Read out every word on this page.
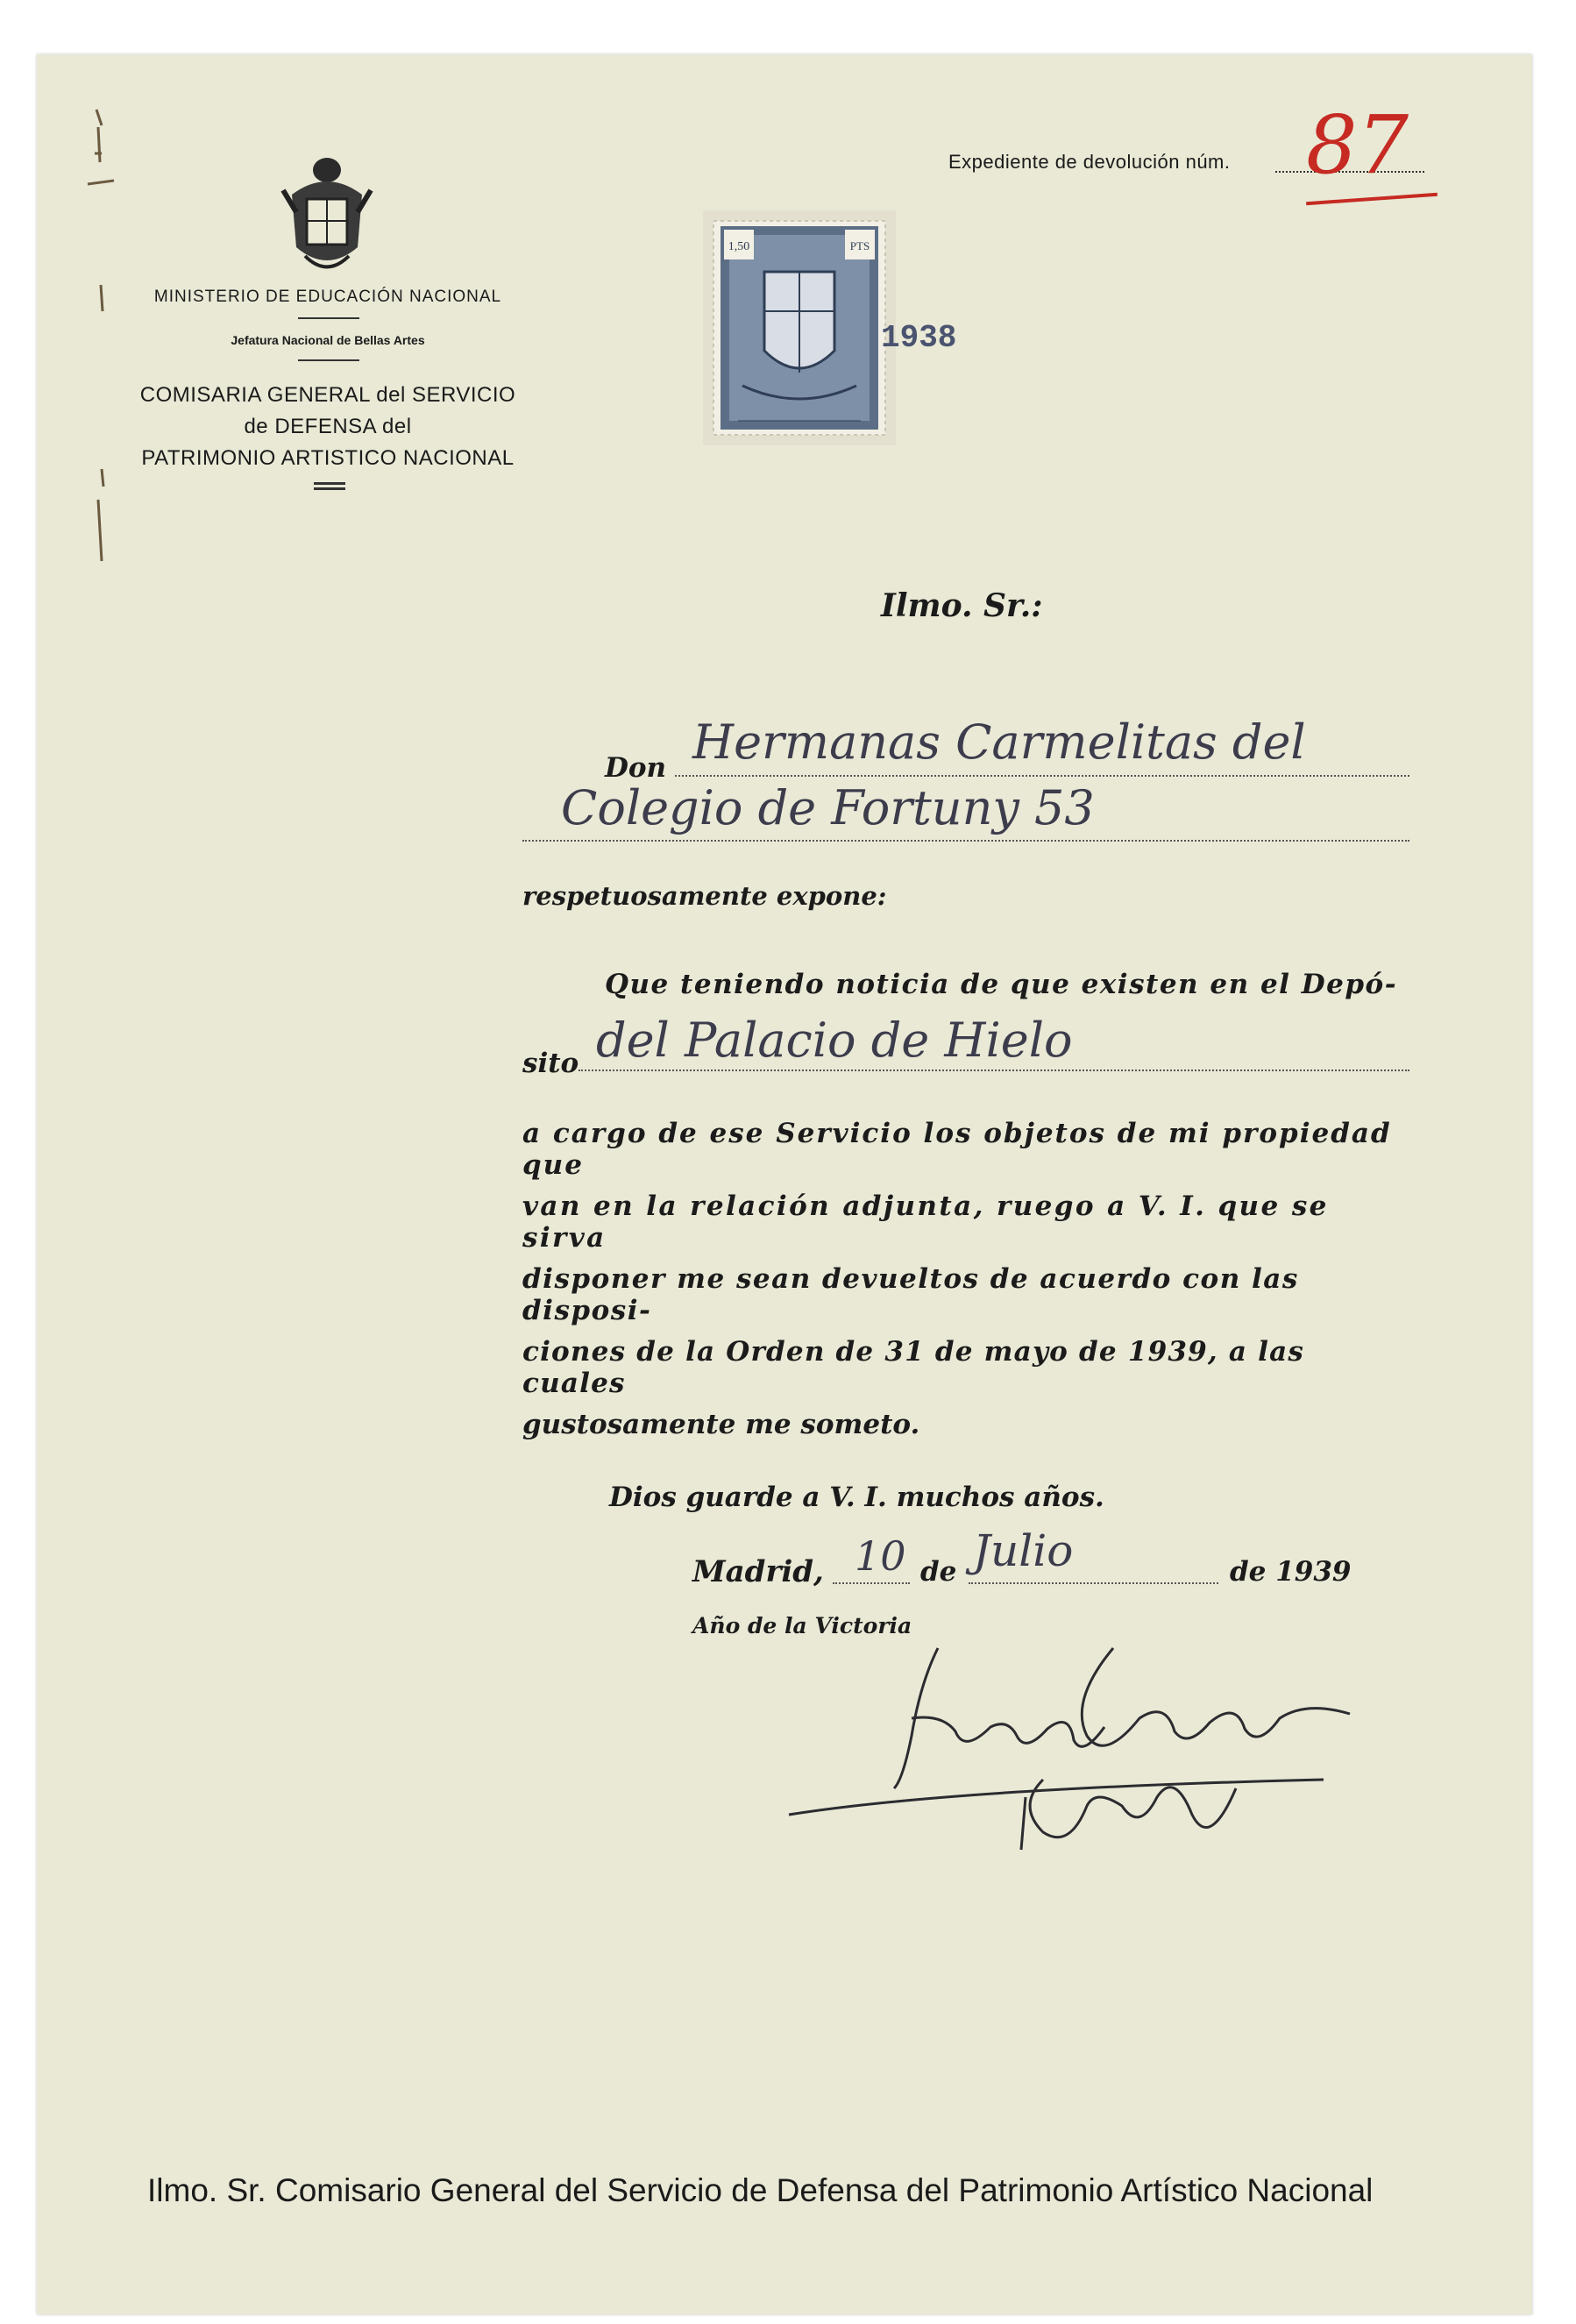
MINISTERIO DE EDUCACIÓN NACIONAL
Jefatura Nacional de Bellas Artes
COMISARIA GENERAL del SERVICIO
de DEFENSA del
PATRIMONIO ARTISTICO NACIONAL
Expediente de devolución núm. 87
1,50	PTS
1938
Ilmo. Sr.:
Don Hermanas Carmelitas del
Colegio de Fortuny 53
respetuosamente expone:
Que teniendo noticia de que existen en el Depó-
sito del Palacio de Hielo
a cargo de ese Servicio los objetos de mi propiedad que
van en la relación adjunta, ruego a V. I. que se sirva
disponer me sean devueltos de acuerdo con las disposi-
ciones de la Orden de 31 de mayo de 1939, a las cuales
gustosamente me someto.
Dios guarde a V. I. muchos años.
Madrid, 10 de Julio	de 1939
Año de la Victoria
Ilmo. Sr. Comisario General del Servicio de Defensa del Patrimonio Artístico Nacional
